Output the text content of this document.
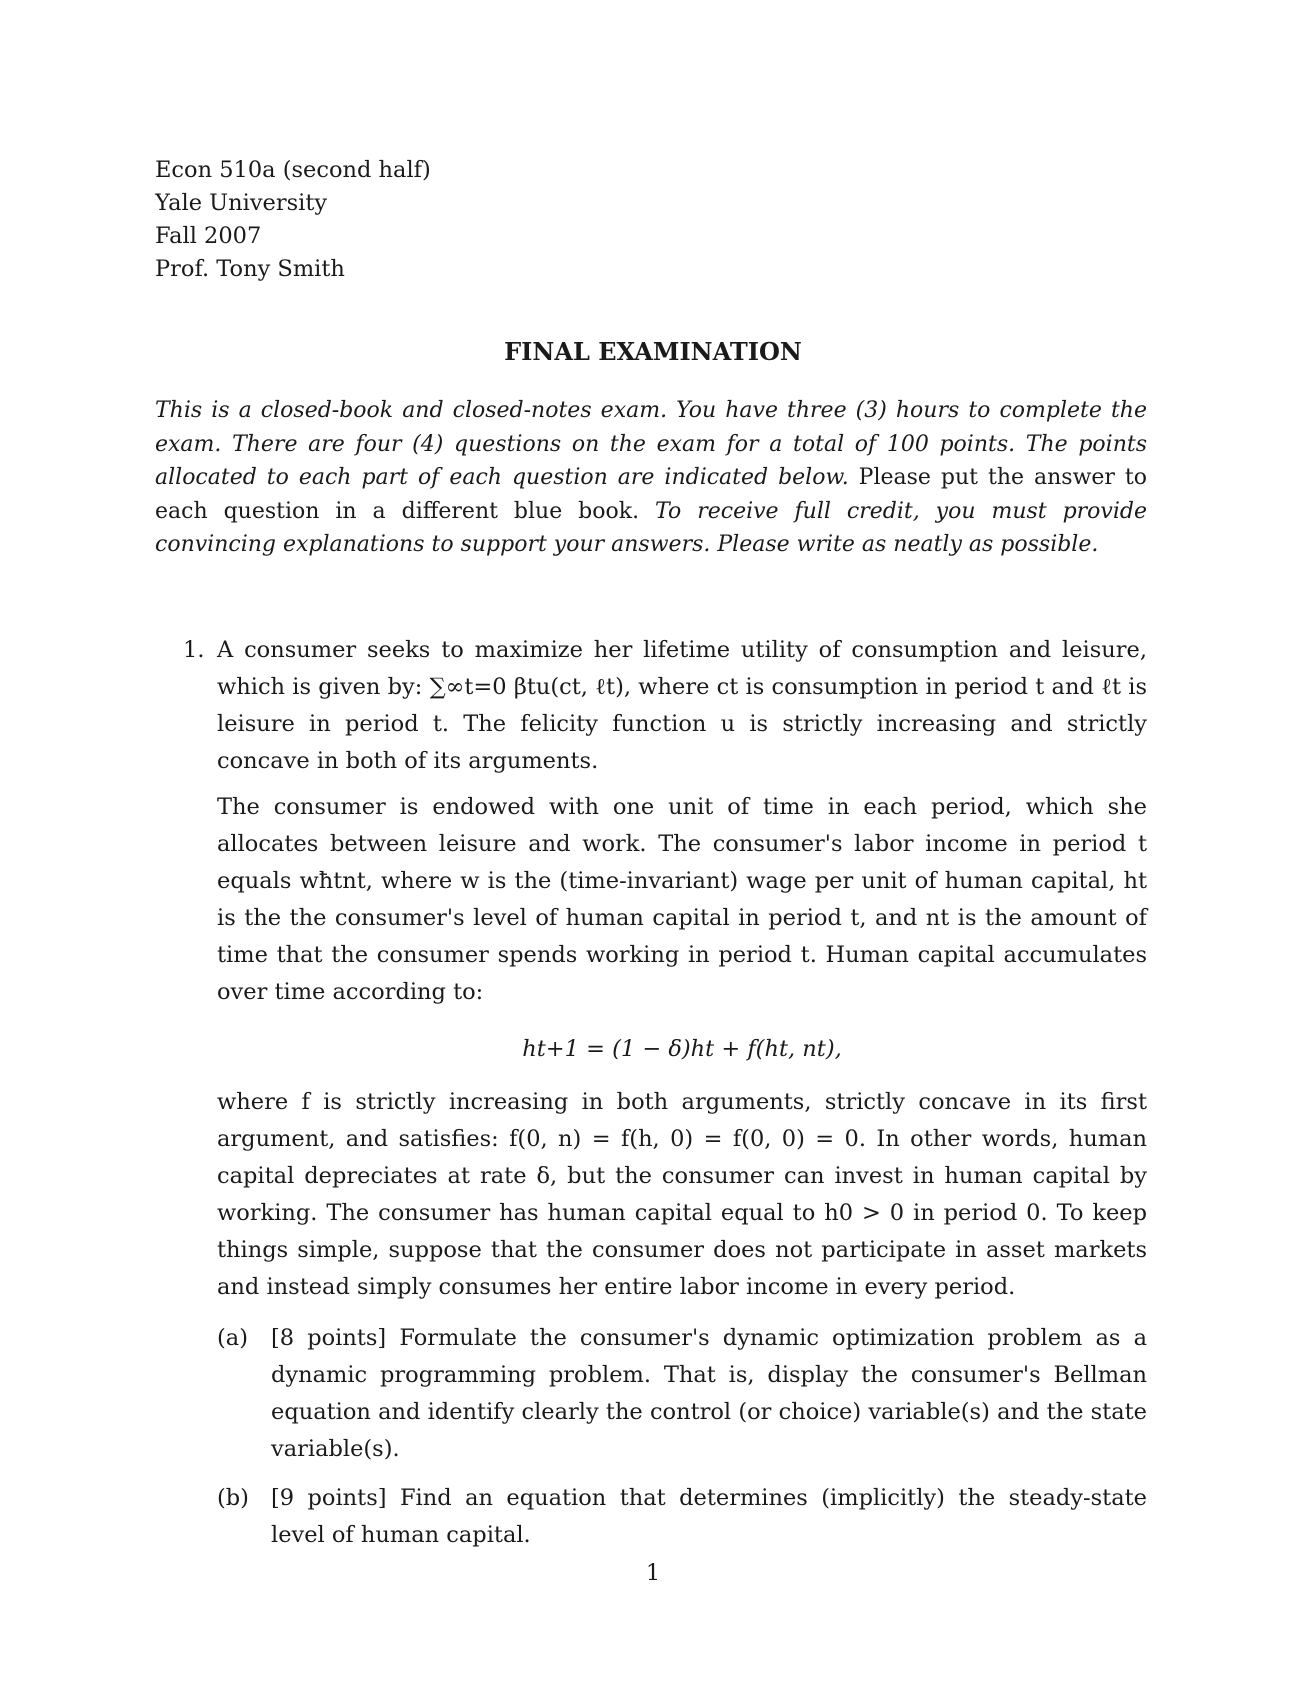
Econ 510a (second half)
Yale University
Fall 2007
Prof. Tony Smith
FINAL EXAMINATION
This is a closed-book and closed-notes exam. You have three (3) hours to complete the exam. There are four (4) questions on the exam for a total of 100 points. The points allocated to each part of each question are indicated below. Please put the answer to each question in a different blue book. To receive full credit, you must provide convincing explanations to support your answers. Please write as neatly as possible.
1. A consumer seeks to maximize her lifetime utility of consumption and leisure, which is given by: ∑∞t=0 βtu(ct, ℓt), where ct is consumption in period t and ℓt is leisure in period t. The felicity function u is strictly increasing and strictly concave in both of its arguments.

The consumer is endowed with one unit of time in each period, which she allocates between leisure and work. The consumer's labor income in period t equals wħtnt, where w is the (time-invariant) wage per unit of human capital, ht is the the consumer's level of human capital in period t, and nt is the amount of time that the consumer spends working in period t. Human capital accumulates over time according to:

ht+1 = (1 − δ)ht + f(ht, nt),

where f is strictly increasing in both arguments, strictly concave in its first argument, and satisfies: f(0, n) = f(h, 0) = f(0, 0) = 0. In other words, human capital depreciates at rate δ, but the consumer can invest in human capital by working. The consumer has human capital equal to h0 > 0 in period 0. To keep things simple, suppose that the consumer does not participate in asset markets and instead simply consumes her entire labor income in every period.

(a) [8 points] Formulate the consumer's dynamic optimization problem as a dynamic programming problem. That is, display the consumer's Bellman equation and identify clearly the control (or choice) variable(s) and the state variable(s).
(b) [9 points] Find an equation that determines (implicitly) the steady-state level of human capital.
1
